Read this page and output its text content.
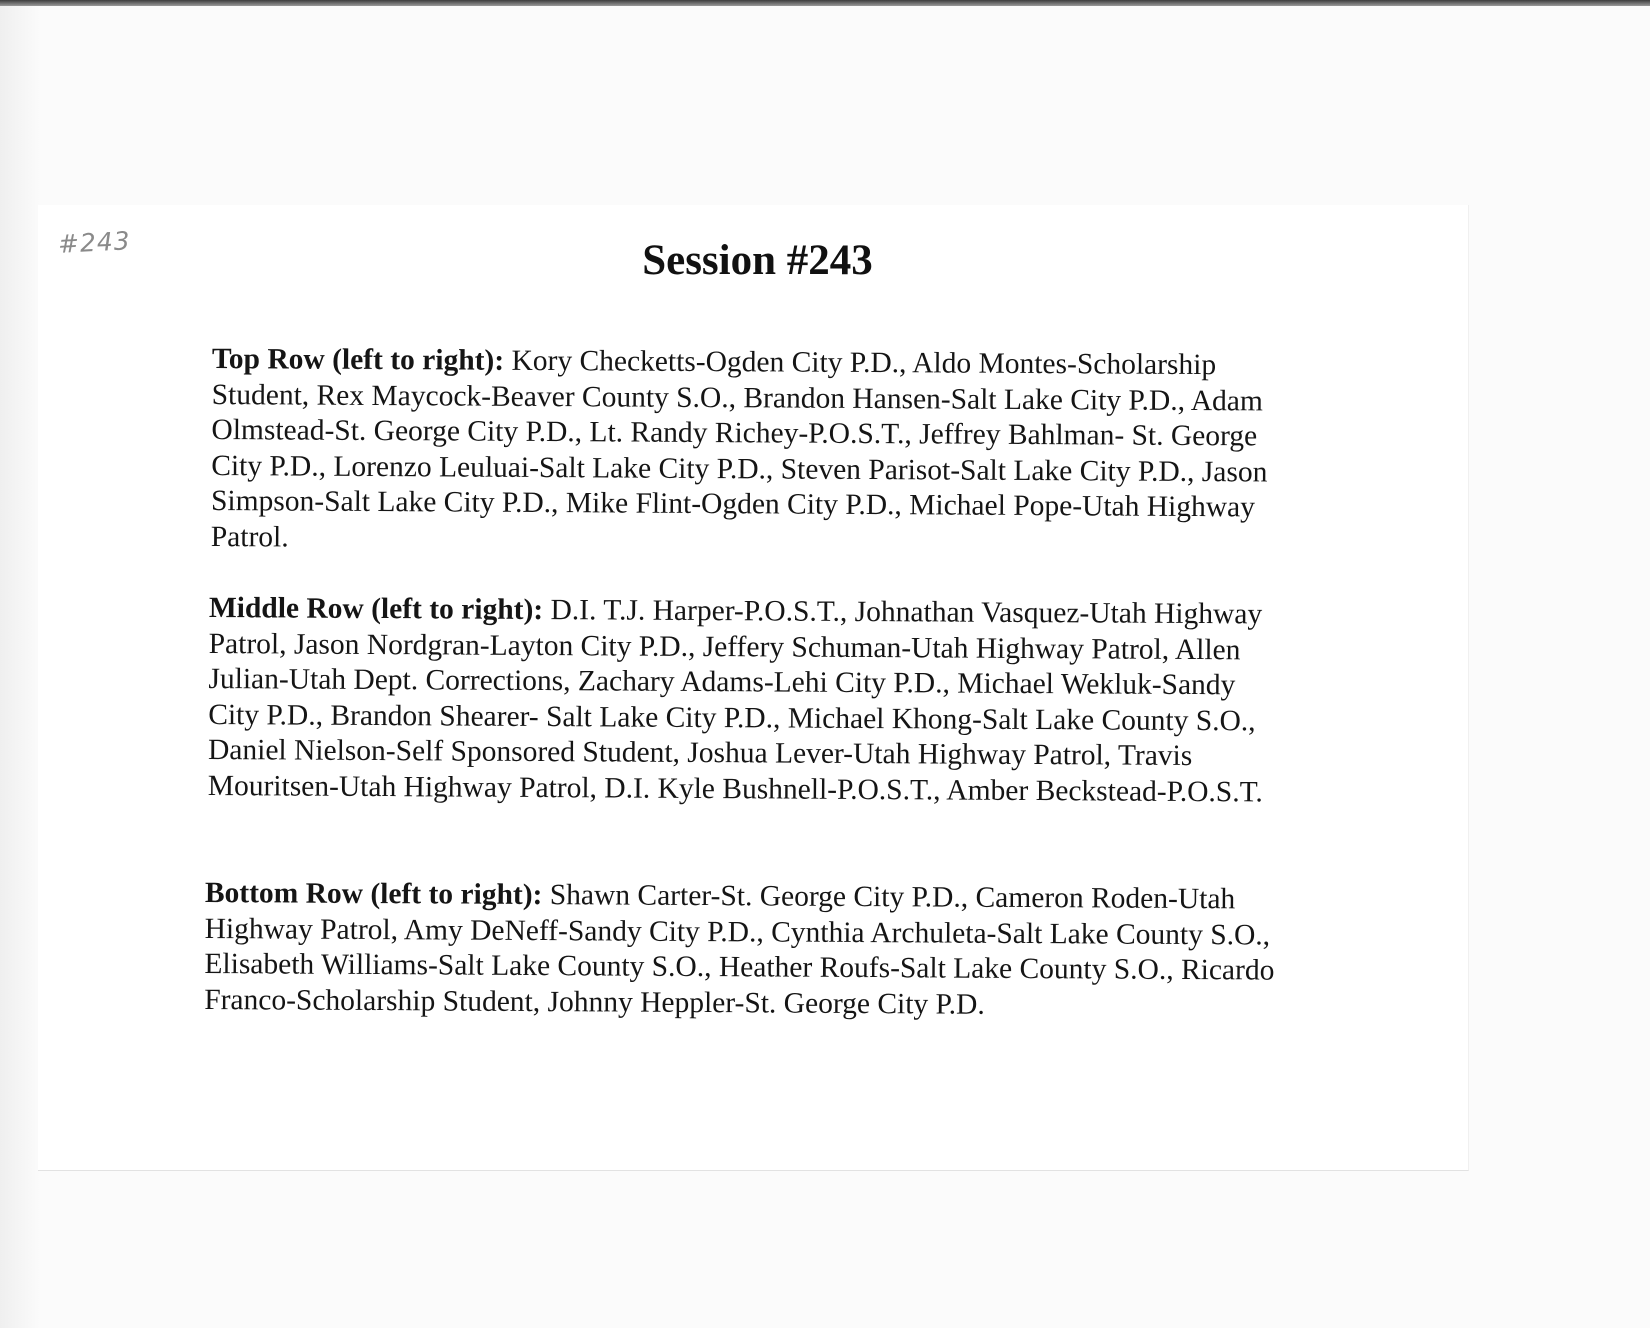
#243	Session #243

Top Row (left to right): Kory Checketts-Ogden City P.D., Aldo Montes-Scholarship Student, Rex Maycock-Beaver County S.O., Brandon Hansen-Salt Lake City P.D., Adam Olmstead-St. George City P.D., Lt. Randy Richey-P.O.S.T., Jeffrey Bahlman- St. George City P.D., Lorenzo Leuluai-Salt Lake City P.D., Steven Parisot-Salt Lake City P.D., Jason Simpson-Salt Lake City P.D., Mike Flint-Ogden City P.D., Michael Pope-Utah Highway Patrol.

Middle Row (left to right): D.I. T.J. Harper-P.O.S.T., Johnathan Vasquez-Utah Highway Patrol, Jason Nordgran-Layton City P.D., Jeffery Schuman-Utah Highway Patrol, Allen Julian-Utah Dept. Corrections, Zachary Adams-Lehi City P.D., Michael Wekluk-Sandy City P.D., Brandon Shearer- Salt Lake City P.D., Michael Khong-Salt Lake County S.O., Daniel Nielson-Self Sponsored Student, Joshua Lever-Utah Highway Patrol, Travis Mouritsen-Utah Highway Patrol, D.I. Kyle Bushnell-P.O.S.T., Amber Beckstead-P.O.S.T.

Bottom Row (left to right): Shawn Carter-St. George City P.D., Cameron Roden-Utah Highway Patrol, Amy DeNeff-Sandy City P.D., Cynthia Archuleta-Salt Lake County S.O., Elisabeth Williams-Salt Lake County S.O., Heather Roufs-Salt Lake County S.O., Ricardo Franco-Scholarship Student, Johnny Heppler-St. George City P.D.
